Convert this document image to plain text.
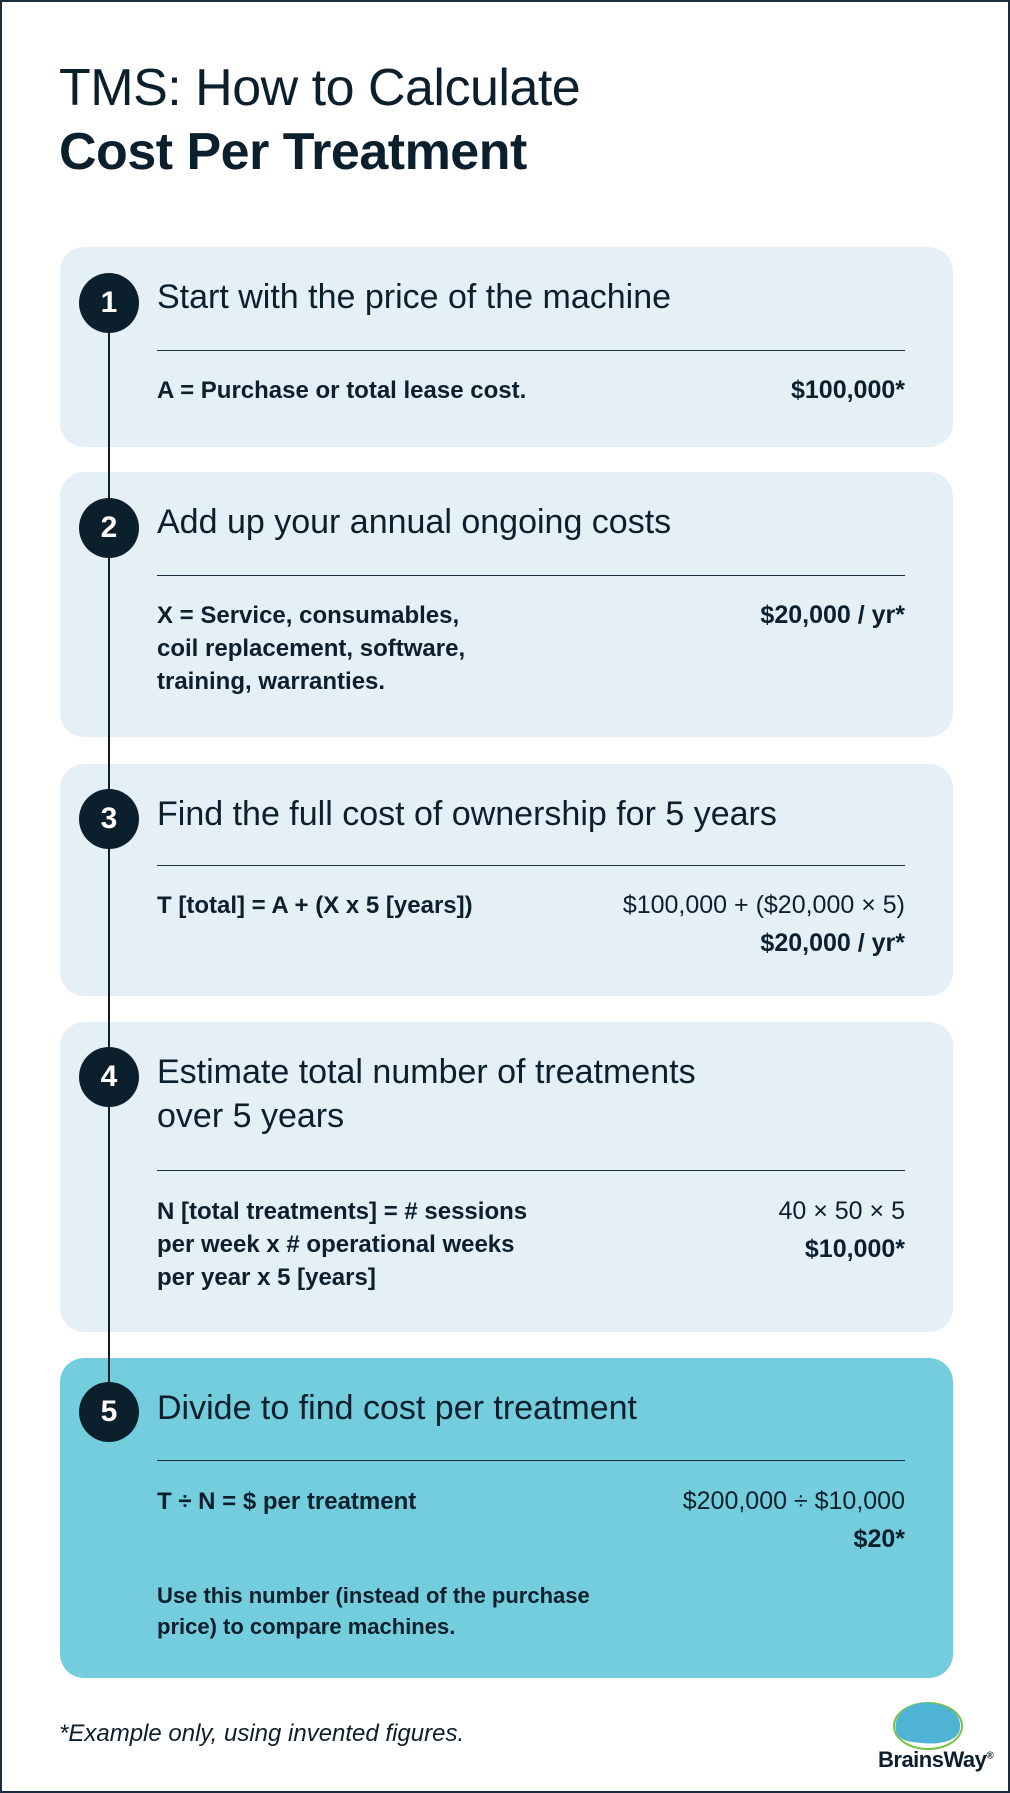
TMS: How to Calculate
Cost Per Treatment
Start with the price of the machine
A = Purchase or total lease cost.	$100,000*
Add up your annual ongoing costs
X = Service, consumables,
coil replacement, software,
training, warranties.
$20,000 / yr*
Find the full cost of ownership for 5 years
T [total] = A + (X x 5 [years])	$100,000 + ($20,000 × 5)
$20,000 / yr*
Estimate total number of treatments
over 5 years
N [total treatments] = # sessions
per week x # operational weeks
per year x 5 [years]
40 × 50 × 5
$10,000*
Divide to find cost per treatment
T ÷ N = $ per treatment	$200,000 ÷ $10,000
$20*
Use this number (instead of the purchase
price) to compare machines.
1
2
3
4
5
*Example only, using invented figures.
BrainsWay®
